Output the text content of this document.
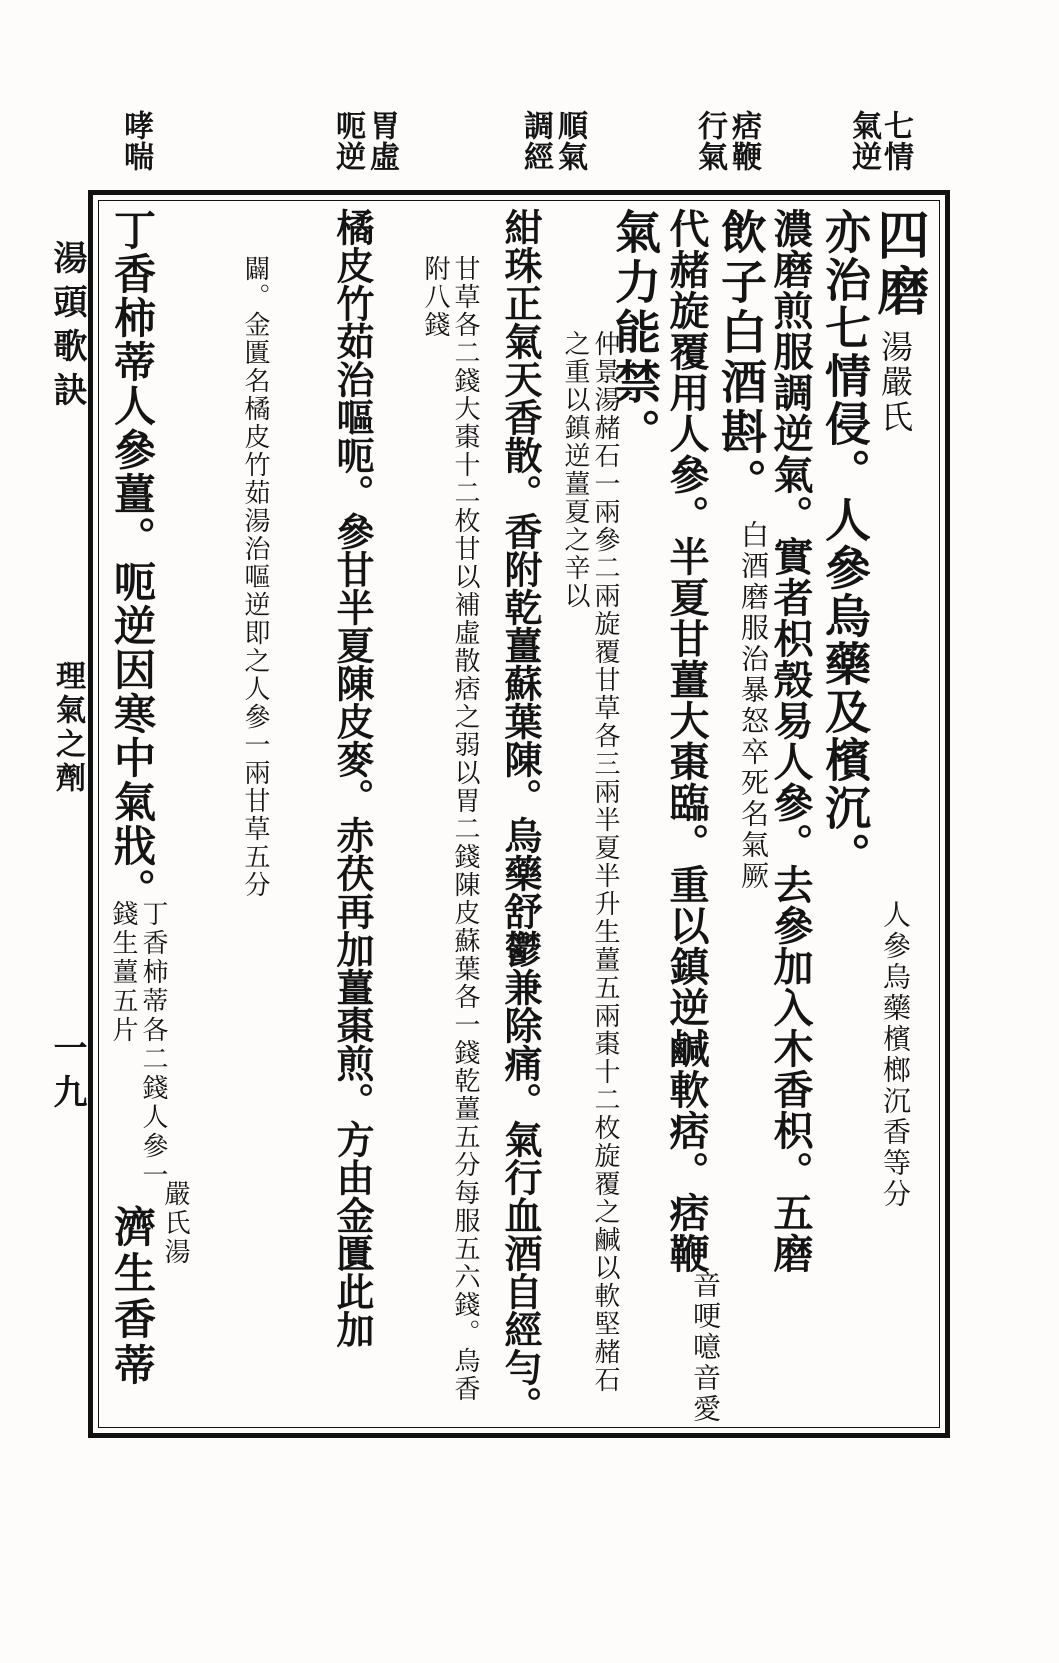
七情
氣逆
痞鞭
行氣
順氣
調經
胃虛
呃逆
哮喘
湯頭歌訣
理氣之劑
一九
四磨
湯嚴氏
人參烏藥檳榔沉香等分
亦治七情侵。人參烏藥及檳沉。
濃磨煎服調逆氣。實者枳殼易人參。去參加入木香枳。五磨
飲子白酒斟。
白酒磨服治暴怒卒死名氣厥
代赭旋覆用人參。半夏甘薑大棗臨。重以鎮逆鹹軟痞。痞鞭
音哽噫音愛
氣力能禁。
仲景湯赭石一兩參二兩旋覆甘草各三兩半夏半升生薑五兩棗十二枚旋覆之鹹以軟堅赭石之重以鎮逆薑夏之辛以
紺珠正氣天香散。香附乾薑蘇葉陳。烏藥舒鬱兼除痛。氣行血酒自經勻。
甘草各二錢大棗十二枚甘以補虛散痞之弱以胃二錢陳皮蘇葉各一錢乾薑五分每服五六錢。烏香附八錢
橘皮竹茹治嘔呃。參甘半夏陳皮麥。赤茯再加薑棗煎。方由金匱此加
闢。金匱名橘皮竹茹湯治嘔逆即之人參一兩甘草五分
丁香柿蒂人參薑。呃逆因寒中氣戕。
丁香柿蒂各二錢人參一錢生薑五片
濟生香蒂 嚴氏湯
